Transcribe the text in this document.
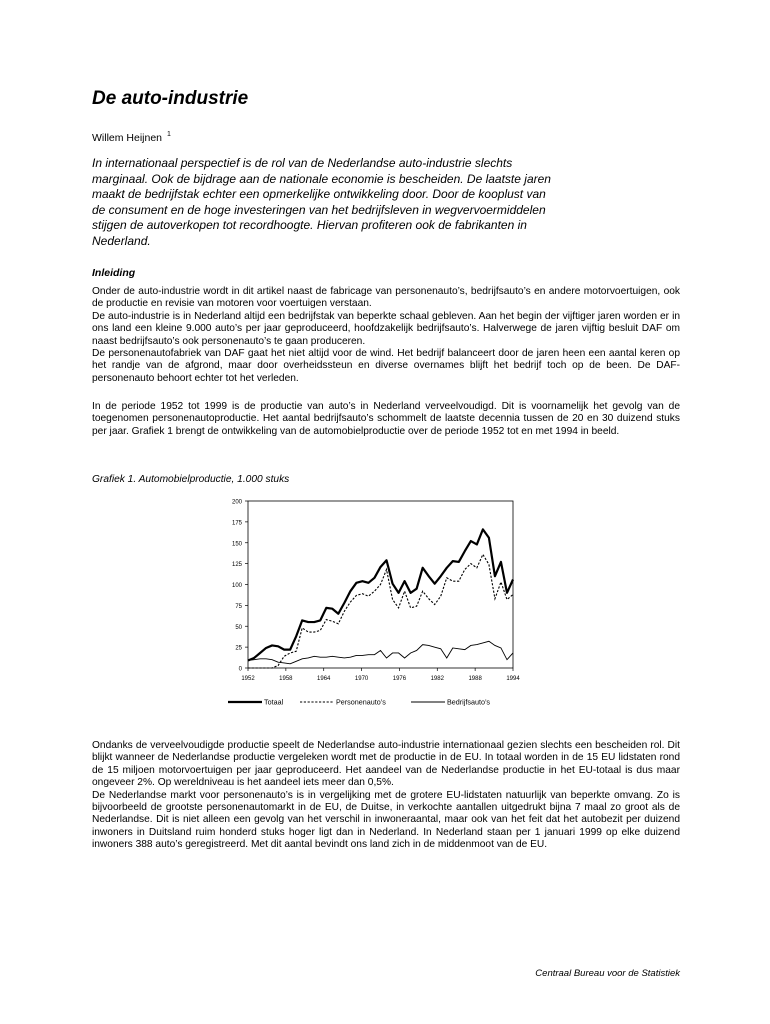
De auto-industrie
Willem Heijnen $^1$

In internationaal perspectief is de rol van de Nederlandse auto-industrie slechts marginaal. Ook de bijdrage aan de nationale economie is bescheiden. De laatste jaren maakt de bedrijfstak echter een opmerkelijke ontwikkeling door. Door de kooplust van de consument en de hoge investeringen van het bedrijfsleven in wegvervoermiddelen stijgen de autoverkopen tot recordhoogte. Hiervan profiteren ook de fabrikanten in Nederland.

Inleiding

Onder de auto-industrie wordt in dit artikel naast de fabricage van personenauto’s, bedrijfsauto’s en andere motorvoertuigen, ook de productie en revisie van motoren voor voertuigen verstaan.

De auto-industrie is in Nederland altijd een bedrijfstak van beperkte schaal gebleven. Aan het begin der vijftiger jaren worden er in ons land een kleine 9.000 auto’s per jaar geproduceerd, hoofdzakelijk bedrijfsauto’s. Halverwege de jaren vijftig besluit DAF om naast bedrijfsauto’s ook personenauto’s te gaan produceren.

De personenautofabriek van DAF gaat het niet altijd voor de wind. Het bedrijf balanceert door de jaren heen een aantal keren op het randje van de afgrond, maar door overheidssteun en diverse overnames blijft het bedrijf toch op de been. De DAF-personenauto behoort echter tot het verleden.

In de periode 1952 tot 1999 is de productie van auto’s in Nederland verveelvoudigd. Dit is voornamelijk het gevolg van de toegenomen personenautoproductie. Het aantal bedrijfsauto’s schommelt de laatste decennia tussen de 20 en 30 duizend stuks per jaar. Grafiek 1 brengt de ontwikkeling van de automobielproductie over de periode 1952 tot en met 1994 in beeld.

Grafiek 1. Automobielproductie, 1.000 stuks
0
25
50
75
100
125
150
175
200
1952	1958	1964	1970	1976	1982	1988	1994
Totaal	Personenauto’s	Bedrijfsauto’s

Ondanks de verveelvoudigde productie speelt de Nederlandse auto-industrie internationaal gezien slechts een bescheiden rol. Dit blijkt wanneer de Nederlandse productie vergeleken wordt met de productie in de EU. In totaal worden in de 15 EU lidstaten rond de 15 miljoen motorvoertuigen per jaar geproduceerd. Het aandeel van de Nederlandse productie in het EU-totaal is dus maar ongeveer 2%. Op wereldniveau is het aandeel iets meer dan 0,5%.

De Nederlandse markt voor personenauto’s is in vergelijking met de grotere EU-lidstaten natuurlijk van beperkte omvang. Zo is bijvoorbeeld de grootste personenautomarkt in de EU, de Duitse, in verkochte aantallen uitgedrukt bijna 7 maal zo groot als de Nederlandse. Dit is niet alleen een gevolg van het verschil in inwoneraantal, maar ook van het feit dat het autobezit per duizend inwoners in Duitsland ruim honderd stuks hoger ligt dan in Nederland. In Nederland staan per 1 januari 1999 op elke duizend inwoners 388 auto’s geregistreerd. Met dit aantal bevindt ons land zich in de middenmoot van de EU.

Centraal Bureau voor de Statistiek
